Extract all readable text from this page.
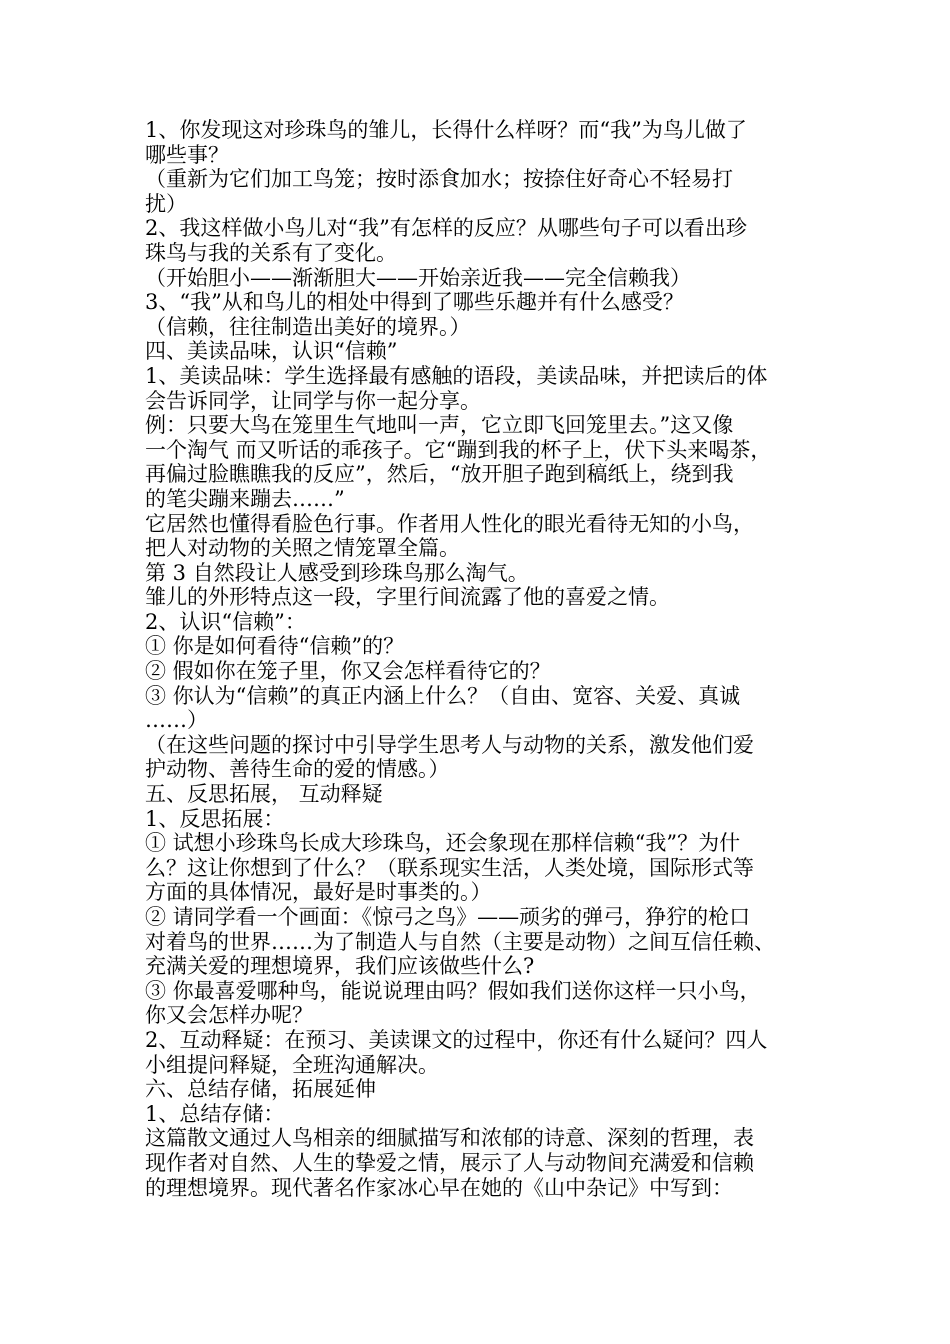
1、你发现这对珍珠鸟的雏儿，长得什么样呀？而“我”为鸟儿做了
哪些事？
（重新为它们加工鸟笼；按时添食加水；按捺住好奇心不轻易打
扰）
2、我这样做小鸟儿对“我”有怎样的反应？从哪些句子可以看出珍
珠鸟与我的关系有了变化。
（开始胆小——渐渐胆大——开始亲近我——完全信赖我）
3、“我”从和鸟儿的相处中得到了哪些乐趣并有什么感受？
（信赖，往往制造出美好的境界。）
四、美读品味，认识“信赖”
1、美读品味：学生选择最有感触的语段，美读品味，并把读后的体
会告诉同学，让同学与你一起分享。
例：只要大鸟在笼里生气地叫一声，它立即飞回笼里去。”这又像
一个淘气 而又听话的乖孩子。它“蹦到我的杯子上，伏下头来喝茶，
再偏过脸瞧瞧我的反应”，然后，“放开胆子跑到稿纸上，绕到我
的笔尖蹦来蹦去……”
它居然也懂得看脸色行事。作者用人性化的眼光看待无知的小鸟，
把人对动物的关照之情笼罩全篇。
第 3 自然段让人感受到珍珠鸟那么淘气。
雏儿的外形特点这一段，字里行间流露了他的喜爱之情。
2、认识“信赖”：
① 你是如何看待“信赖”的？
② 假如你在笼子里，你又会怎样看待它的？
③ 你认为“信赖”的真正内涵上什么？（自由、宽容、关爱、真诚
……）
（在这些问题的探讨中引导学生思考人与动物的关系，激发他们爱
护动物、善待生命的爱的情感。）
五、反思拓展， 互动释疑
1、反思拓展：
① 试想小珍珠鸟长成大珍珠鸟，还会象现在那样信赖“我”？为什
么？这让你想到了什么？（联系现实生活，人类处境，国际形式等
方面的具体情况，最好是时事类的。）
② 请同学看一个画面：《惊弓之鸟》——顽劣的弹弓，狰狞的枪口
对着鸟的世界……为了制造人与自然（主要是动物）之间互信任赖、
充满关爱的理想境界，我们应该做些什么?
③ 你最喜爱哪种鸟，能说说理由吗？假如我们送你这样一只小鸟，
你又会怎样办呢？
2、互动释疑：在预习、美读课文的过程中，你还有什么疑问？四人
小组提问释疑，全班沟通解决。
六、总结存储，拓展延伸
1、总结存储：
这篇散文通过人鸟相亲的细腻描写和浓郁的诗意、深刻的哲理，表
现作者对自然、人生的挚爱之情，展示了人与动物间充满爱和信赖
的理想境界。现代著名作家冰心早在她的《山中杂记》中写到：
